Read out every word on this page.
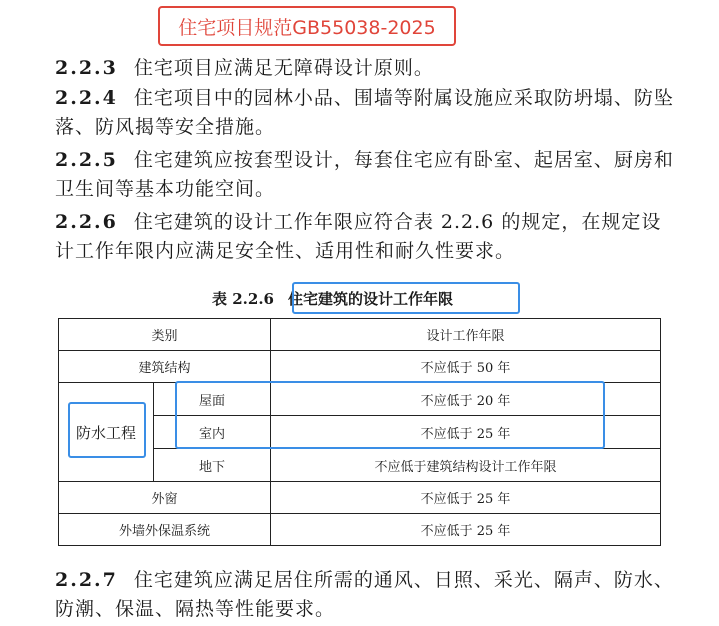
住宅项目规范GB55038-2025
2.2.3 住宅项目应满足无障碍设计原则。
2.2.4 住宅项目中的园林小品、围墙等附属设施应采取防坍塌、防坠落、防风揭等安全措施。
2.2.5 住宅建筑应按套型设计，每套住宅应有卧室、起居室、厨房和卫生间等基本功能空间。
2.2.6 住宅建筑的设计工作年限应符合表 2.2.6 的规定，在规定设计工作年限内应满足安全性、适用性和耐久性要求。
表 2.2.6 住宅建筑的设计工作年限
类别		设计工作年限
建筑结构		不应低于 50 年
防水工程	屋面	不应低于 20 年
	室内	不应低于 25 年
	地下	不应低于建筑结构设计工作年限
外窗		不应低于 25 年
外墙外保温系统		不应低于 25 年
2.2.7 住宅建筑应满足居住所需的通风、日照、采光、隔声、防水、防潮、保温、隔热等性能要求。
